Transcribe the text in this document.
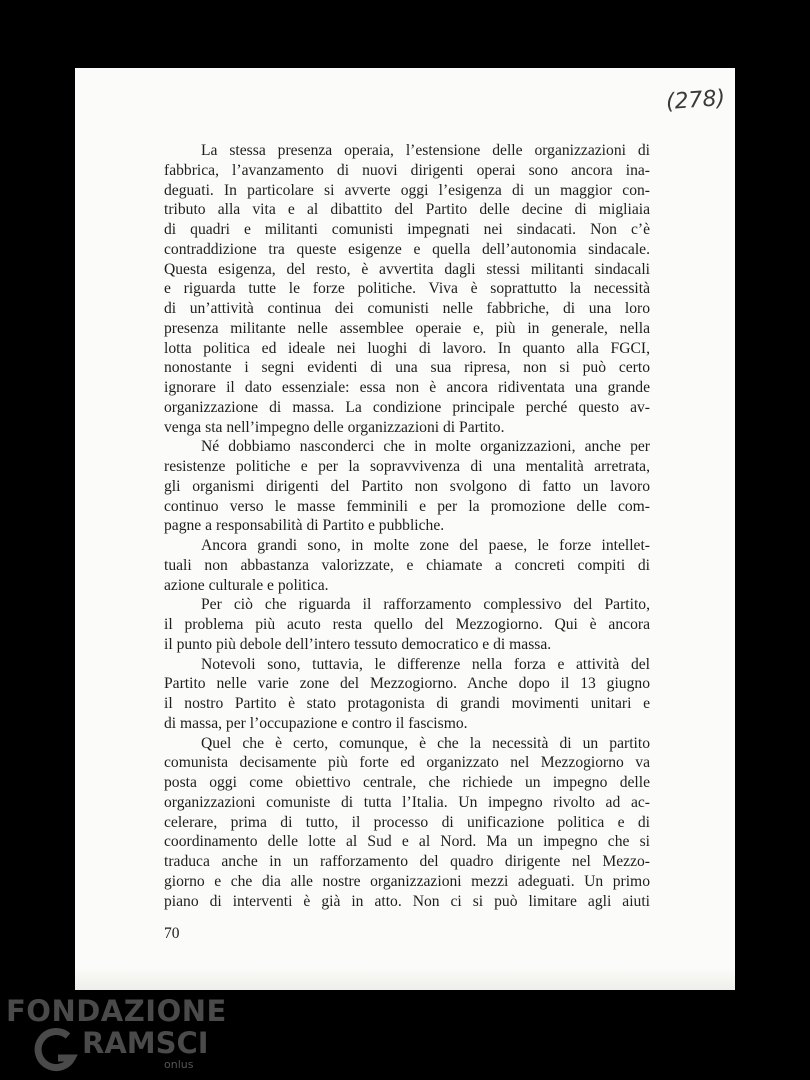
(278)
La stessa presenza operaia, l’estensione delle organizzazioni di
fabbrica, l’avanzamento di nuovi dirigenti operai sono ancora ina-
deguati. In particolare si avverte oggi l’esigenza di un maggior con-
tributo alla vita e al dibattito del Partito delle decine di migliaia
di quadri e militanti comunisti impegnati nei sindacati. Non c’è
contraddizione tra queste esigenze e quella dell’autonomia sindacale.
Questa esigenza, del resto, è avvertita dagli stessi militanti sindacali
e riguarda tutte le forze politiche. Viva è soprattutto la necessità
di un’attività continua dei comunisti nelle fabbriche, di una loro
presenza militante nelle assemblee operaie e, più in generale, nella
lotta politica ed ideale nei luoghi di lavoro. In quanto alla FGCI,
nonostante i segni evidenti di una sua ripresa, non si può certo
ignorare il dato essenziale: essa non è ancora ridiventata una grande
organizzazione di massa. La condizione principale perché questo av-
venga sta nell’impegno delle organizzazioni di Partito.
Né dobbiamo nasconderci che in molte organizzazioni, anche per
resistenze politiche e per la sopravvivenza di una mentalità arretrata,
gli organismi dirigenti del Partito non svolgono di fatto un lavoro
continuo verso le masse femminili e per la promozione delle com-
pagne a responsabilità di Partito e pubbliche.
Ancora grandi sono, in molte zone del paese, le forze intellet-
tuali non abbastanza valorizzate, e chiamate a concreti compiti di
azione culturale e politica.
Per ciò che riguarda il rafforzamento complessivo del Partito,
il problema più acuto resta quello del Mezzogiorno. Qui è ancora
il punto più debole dell’intero tessuto democratico e di massa.
Notevoli sono, tuttavia, le differenze nella forza e attività del
Partito nelle varie zone del Mezzogiorno. Anche dopo il 13 giugno
il nostro Partito è stato protagonista di grandi movimenti unitari e
di massa, per l’occupazione e contro il fascismo.
Quel che è certo, comunque, è che la necessità di un partito
comunista decisamente più forte ed organizzato nel Mezzogiorno va
posta oggi come obiettivo centrale, che richiede un impegno delle
organizzazioni comuniste di tutta l’Italia. Un impegno rivolto ad ac-
celerare, prima di tutto, il processo di unificazione politica e di
coordinamento delle lotte al Sud e al Nord. Ma un impegno che si
traduca anche in un rafforzamento del quadro dirigente nel Mezzo-
giorno e che dia alle nostre organizzazioni mezzi adeguati. Un primo
piano di interventi è già in atto. Non ci si può limitare agli aiuti
70
FONDAZIONE
RAMSCI
onlus
